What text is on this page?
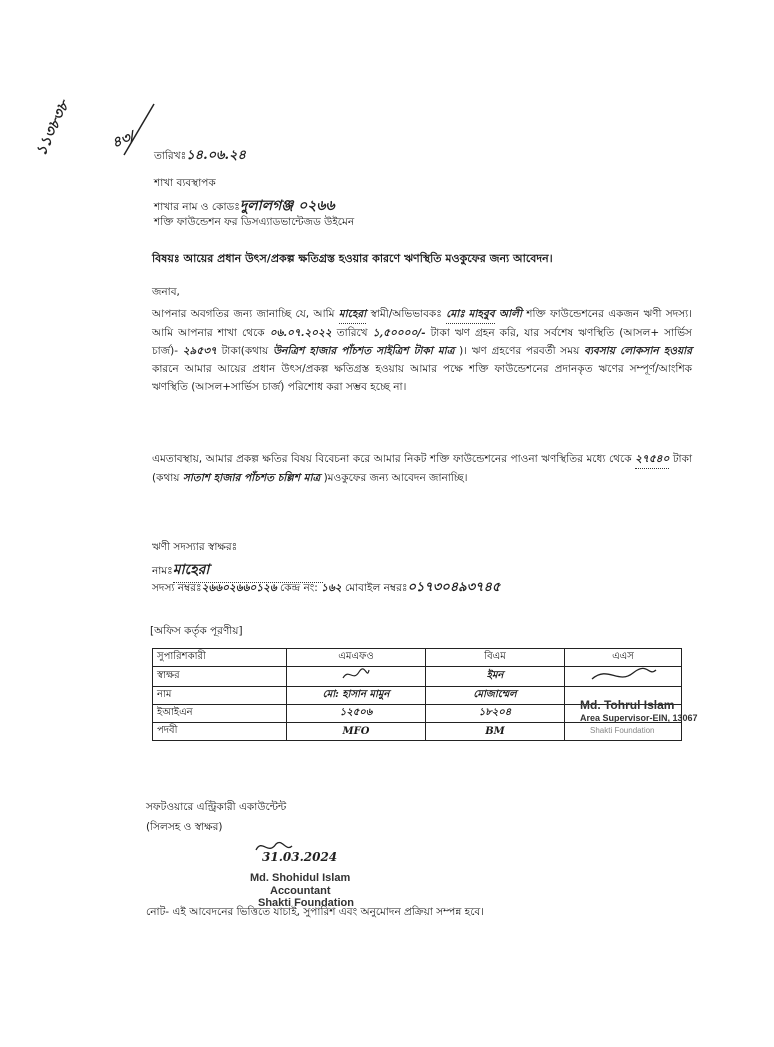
১১৩৮৩৮	৪৩/
তারিখঃ১৪.০৬.২৪
শাখা ব্যবস্থাপক
শাখার নাম ও কোডঃদুলালগঞ্জ ০২৬৬
শক্তি ফাউন্ডেশন ফর ডিসএ্যাডভান্টেজড উইমেন
বিষয়ঃ আয়ের প্রধান উৎস/প্রকল্প ক্ষতিগ্রস্ত হওয়ার কারণে ঋণস্থিতি মওকুফের জন্য আবেদন।
জনাব,
আপনার অবগতির জন্য জানাচ্ছি যে, আমি মাহেরা স্বামী/অভিভাবকঃ মোঃ মাহবুব আলী শক্তি ফাউন্ডেশনের একজন ঋণী সদস্য। আমি আপনার শাখা থেকে ০৬.০৭.২০২২ তারিখে ১,৫০০০০/- টাকা ঋণ গ্রহন করি, যার সর্বশেষ ঋণস্থিতি (আসল+ সার্ভিস চার্জ)- ২৯৫৩৭ টাকা(কথায় উনত্রিশ হাজার পাঁচশত সাইত্রিশ টাকা মাত্র )। ঋণ গ্রহণের পরবর্তী সময় ব্যবসায় লোকসান হওয়ার কারনে আমার আয়ের প্রধান উৎস/প্রকল্প ক্ষতিগ্রস্ত হওয়ায় আমার পক্ষে শক্তি ফাউন্ডেশনের প্রদানকৃত ঋণের সম্পূর্ণ/আংশিক ঋণস্থিতি (আসল+সার্ভিস চার্জ) পরিশোধ করা সম্ভব হচ্ছে না।
এমতাবস্থায়, আমার প্রকল্প ক্ষতির বিষয় বিবেচনা করে আমার নিকট শক্তি ফাউন্ডেশনের পাওনা ঋণস্থিতির মধ্যে থেকে ২৭৫৪০ টাকা (কথায় সাতাশ হাজার পাঁচশত চল্লিশ মাত্র )মওকুফের জন্য আবেদন জানাচ্ছি।
ঋণী সদস্যার স্বাক্ষরঃ
নামঃমাহেরা
সদস্য নম্বরঃ২৬৬০২৬৬০১২৬ কেন্দ্র নং: ১৬২ মোবাইল নম্বরঃ০১৭৩০৪৯৩৭৪৫
[অফিস কর্তৃক পূরণীয়]
সুপারিশকারী	এমএফও	বিএম	এএস
স্বাক্ষর		ইমন	
নাম	মো: হাসান মামুন	মোজাম্মেল	
ইআইএন	১২৫০৬	১৮২০৪	
পদবী	MFO	BM	
Md. Tohrul Islam
Area Supervisor-EIN, 13067
Shakti Foundation
সফটওয়ারে এন্ট্রিকারী একাউন্টেন্ট
(সিলসহ ও স্বাক্ষর)
31.03.2024
Md. Shohidul Islam
Accountant
Shakti Foundation
নোট- এই আবেদনের ভিত্তিতে যাচাই, সুপারিশ এবং অনুমোদন প্রক্রিয়া সম্পন্ন হবে।
